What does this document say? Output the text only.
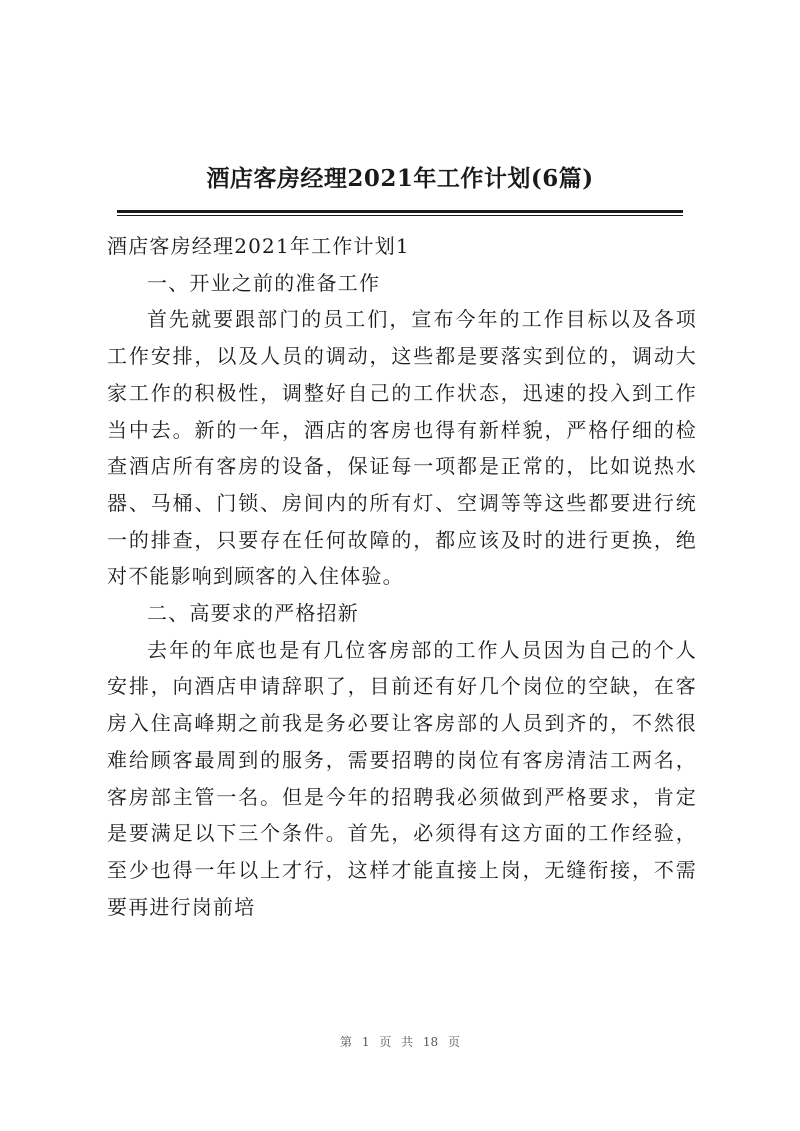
酒店客房经理2021年工作计划(6篇)

酒店客房经理2021年工作计划1

一、开业之前的准备工作

首先就要跟部门的员工们，宣布今年的工作目标以及各项工作安排，以及人员的调动，这些都是要落实到位的，调动大家工作的积极性，调整好自己的工作状态，迅速的投入到工作当中去。新的一年，酒店的客房也得有新样貌，严格仔细的检查酒店所有客房的设备，保证每一项都是正常的，比如说热水器、马桶、门锁、房间内的所有灯、空调等等这些都要进行统一的排查，只要存在任何故障的，都应该及时的进行更换，绝对不能影响到顾客的入住体验。

二、高要求的严格招新

去年的年底也是有几位客房部的工作人员因为自己的个人安排，向酒店申请辞职了，目前还有好几个岗位的空缺，在客房入住高峰期之前我是务必要让客房部的人员到齐的，不然很难给顾客最周到的服务，需要招聘的岗位有客房清洁工两名，客房部主管一名。但是今年的招聘我必须做到严格要求，肯定是要满足以下三个条件。首先，必须得有这方面的工作经验，至少也得一年以上才行，这样才能直接上岗，无缝衔接，不需要再进行岗前培

第 1 页 共 18 页
